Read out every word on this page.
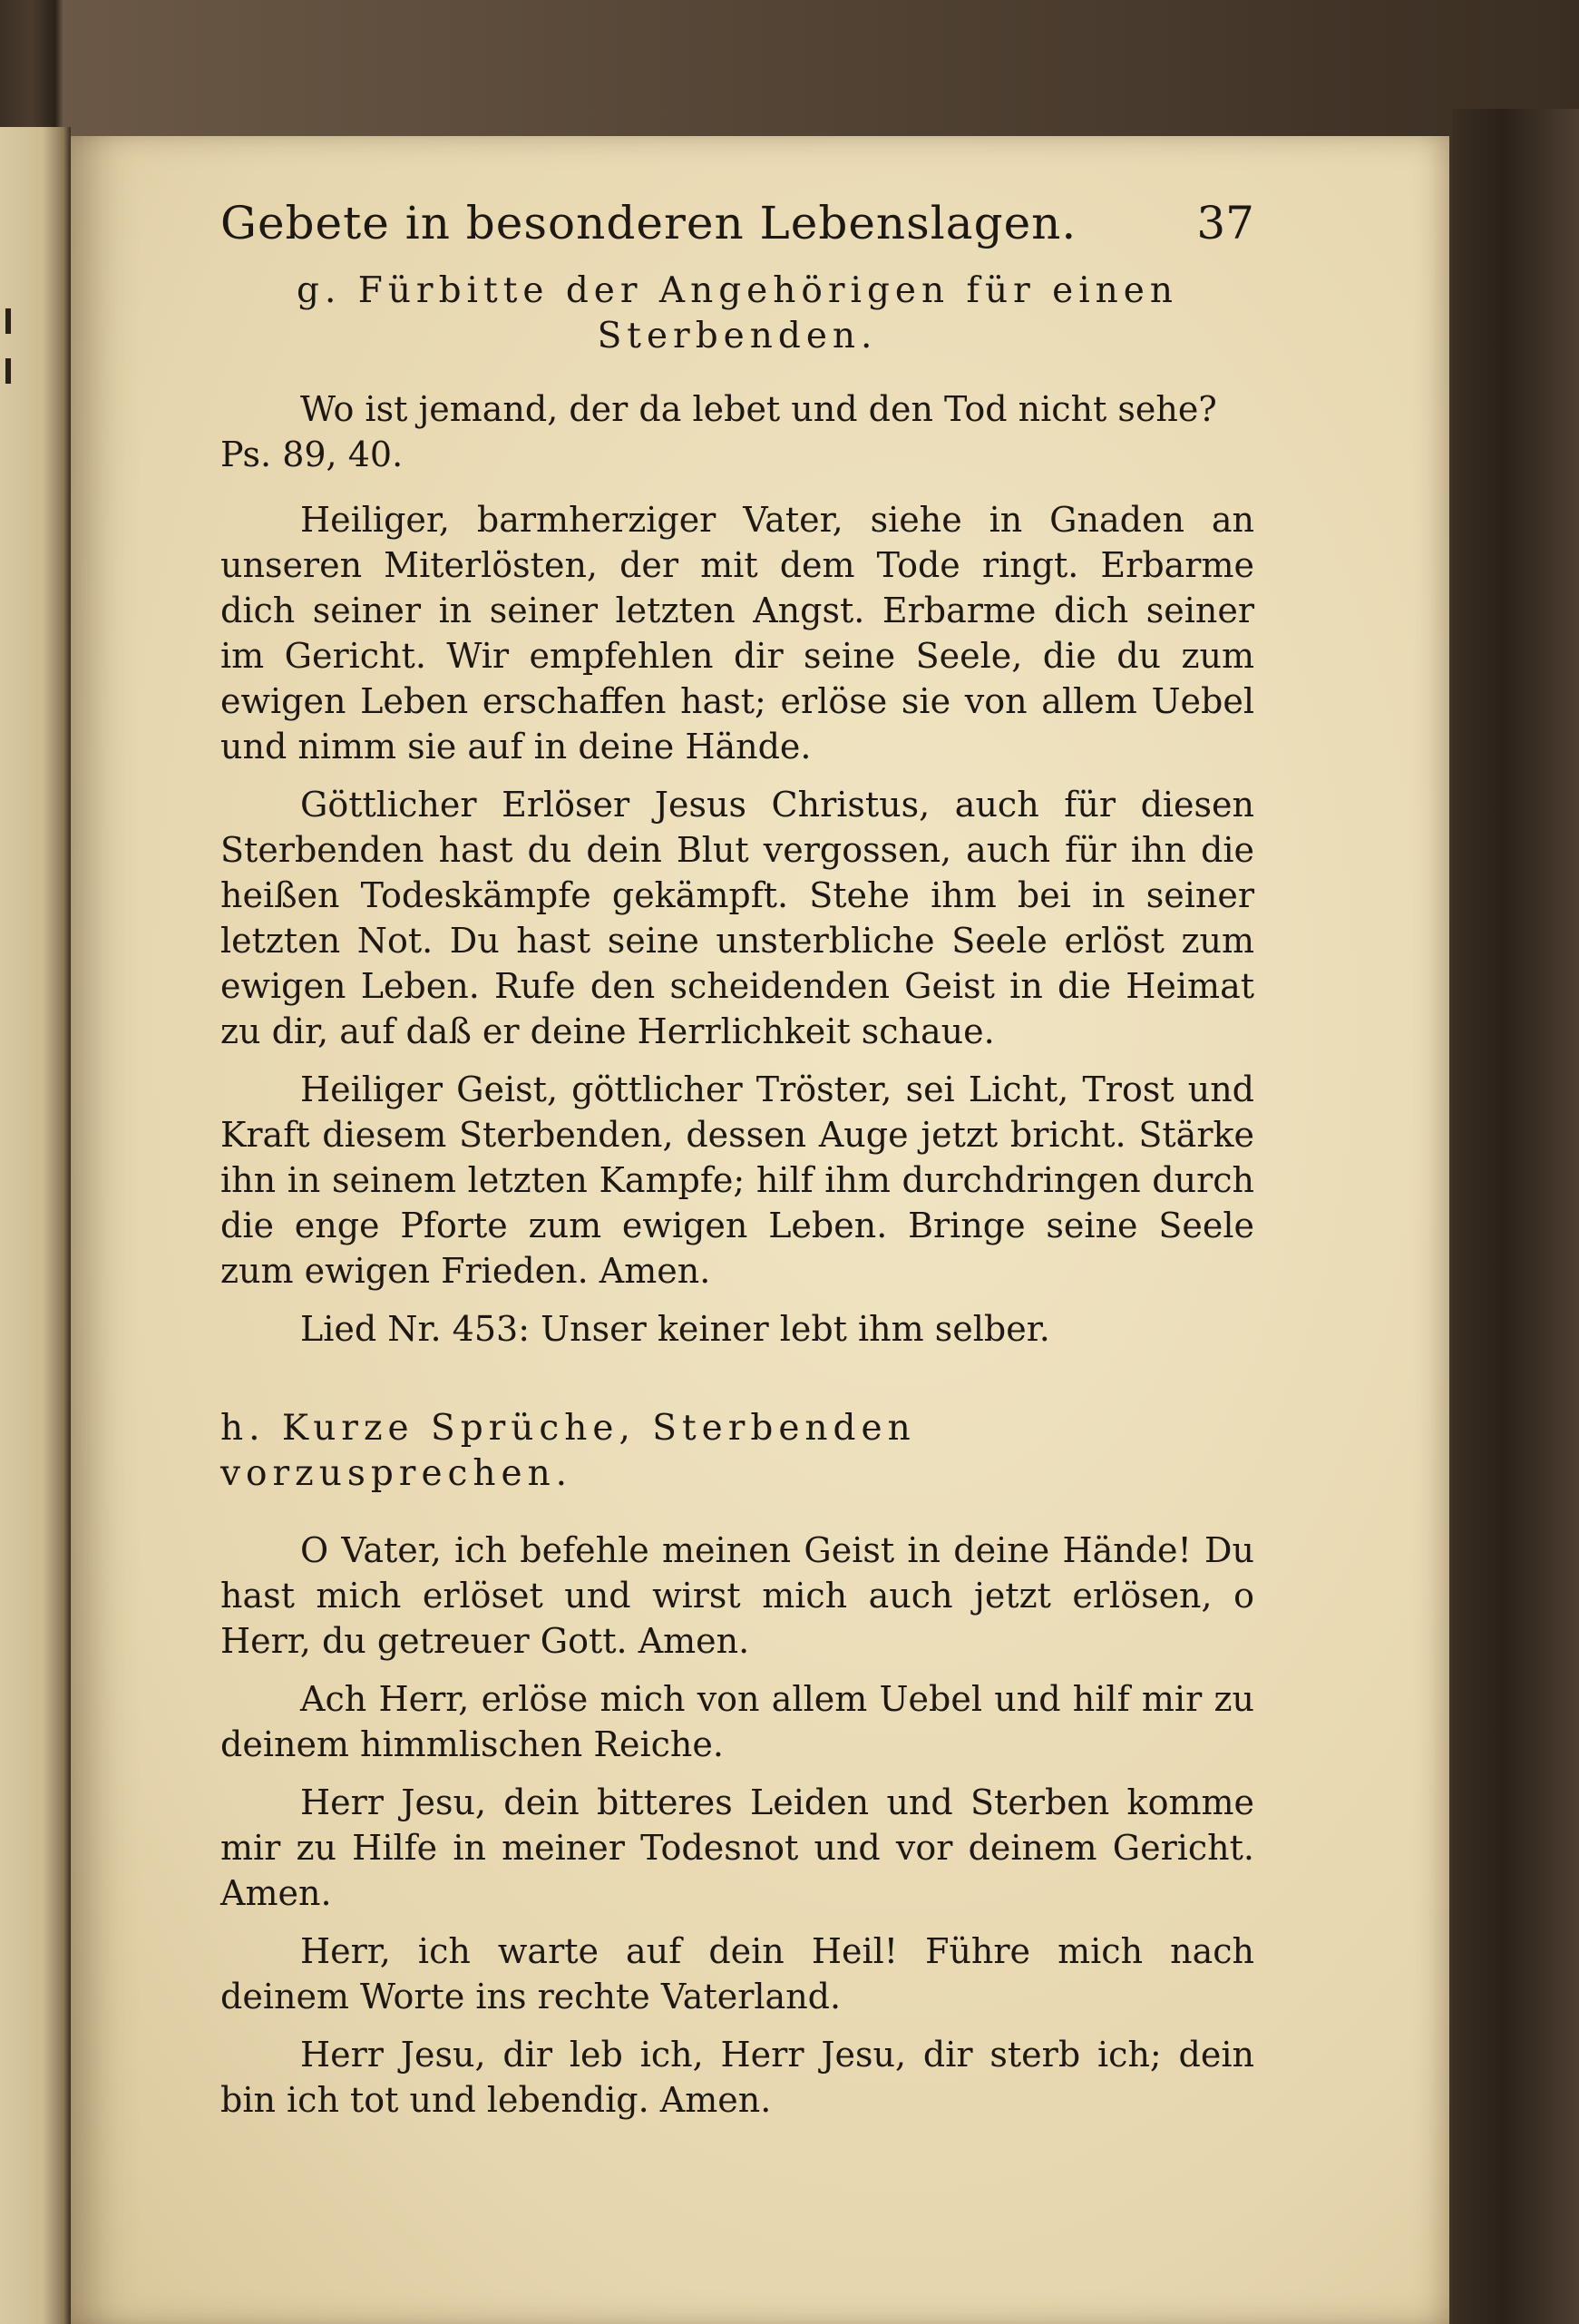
Gebete in besonderen Lebenslagen.	37
g. Fürbitte der Angehörigen für einen
Sterbenden.

Wo ist jemand, der da lebet und den Tod nicht sehe?
Ps. 89, 40.

Heiliger, barmherziger Vater, siehe in Gnaden an unseren Miterlösten, der mit dem Tode ringt. Erbarme dich seiner in seiner letzten Angst. Erbarme dich seiner im Gericht. Wir empfehlen dir seine Seele, die du zum ewigen Leben erschaffen hast; erlöse sie von allem Uebel und nimm sie auf in deine Hände.

Göttlicher Erlöser Jesus Christus, auch für diesen Sterbenden hast du dein Blut vergossen, auch für ihn die heißen Todeskämpfe gekämpft. Stehe ihm bei in seiner letzten Not. Du hast seine unsterbliche Seele erlöst zum ewigen Leben. Rufe den scheidenden Geist in die Heimat zu dir, auf daß er deine Herrlichkeit schaue.

Heiliger Geist, göttlicher Tröster, sei Licht, Trost und Kraft diesem Sterbenden, dessen Auge jetzt bricht. Stärke ihn in seinem letzten Kampfe; hilf ihm durchdringen durch die enge Pforte zum ewigen Leben. Bringe seine Seele zum ewigen Frieden. Amen.

Lied Nr. 453: Unser keiner lebt ihm selber.

h. Kurze Sprüche, Sterbenden vorzusprechen.

O Vater, ich befehle meinen Geist in deine Hände! Du hast mich erlöset und wirst mich auch jetzt erlösen, o Herr, du getreuer Gott. Amen.

Ach Herr, erlöse mich von allem Uebel und hilf mir zu deinem himmlischen Reiche.

Herr Jesu, dein bitteres Leiden und Sterben komme mir zu Hilfe in meiner Todesnot und vor deinem Gericht. Amen.

Herr, ich warte auf dein Heil! Führe mich nach deinem Worte ins rechte Vaterland.

Herr Jesu, dir leb ich, Herr Jesu, dir sterb ich; dein bin ich tot und lebendig. Amen.
